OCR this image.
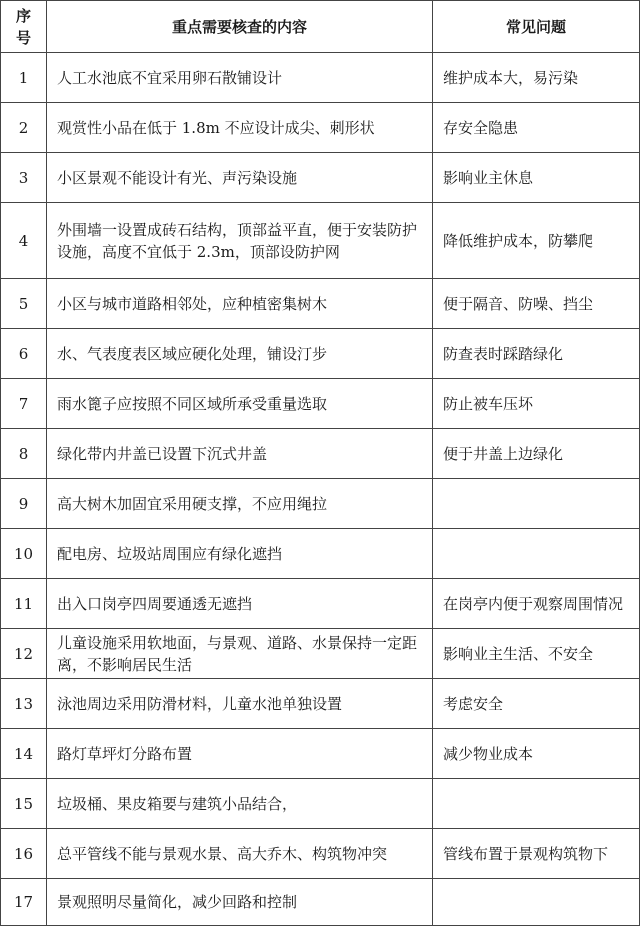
序号	重点需要核查的内容	常见问题
1	人工水池底不宜采用卵石散铺设计	维护成本大，易污染
2	观赏性小品在低于 1.8m 不应设计成尖、刺形状	存安全隐患
3	小区景观不能设计有光、声污染设施	影响业主休息
4	外围墙一设置成砖石结构，顶部益平直，便于安装防护设施，高度不宜低于 2.3m，顶部设防护网	降低维护成本，防攀爬
5	小区与城市道路相邻处，应种植密集树木	便于隔音、防噪、挡尘
6	水、气表度表区域应硬化处理，铺设汀步	防查表时踩踏绿化
7	雨水篦子应按照不同区域所承受重量选取	防止被车压坏
8	绿化带内井盖已设置下沉式井盖	便于井盖上边绿化
9	高大树木加固宜采用硬支撑，不应用绳拉	
10	配电房、垃圾站周围应有绿化遮挡	
11	出入口岗亭四周要通透无遮挡	在岗亭内便于观察周围情况
12	儿童设施采用软地面，与景观、道路、水景保持一定距离，不影响居民生活	影响业主生活、不安全
13	泳池周边采用防滑材料，儿童水池单独设置	考虑安全
14	路灯草坪灯分路布置	减少物业成本
15	垃圾桶、果皮箱要与建筑小品结合，	
16	总平管线不能与景观水景、高大乔木、构筑物冲突	管线布置于景观构筑物下
17	景观照明尽量简化，减少回路和控制	
